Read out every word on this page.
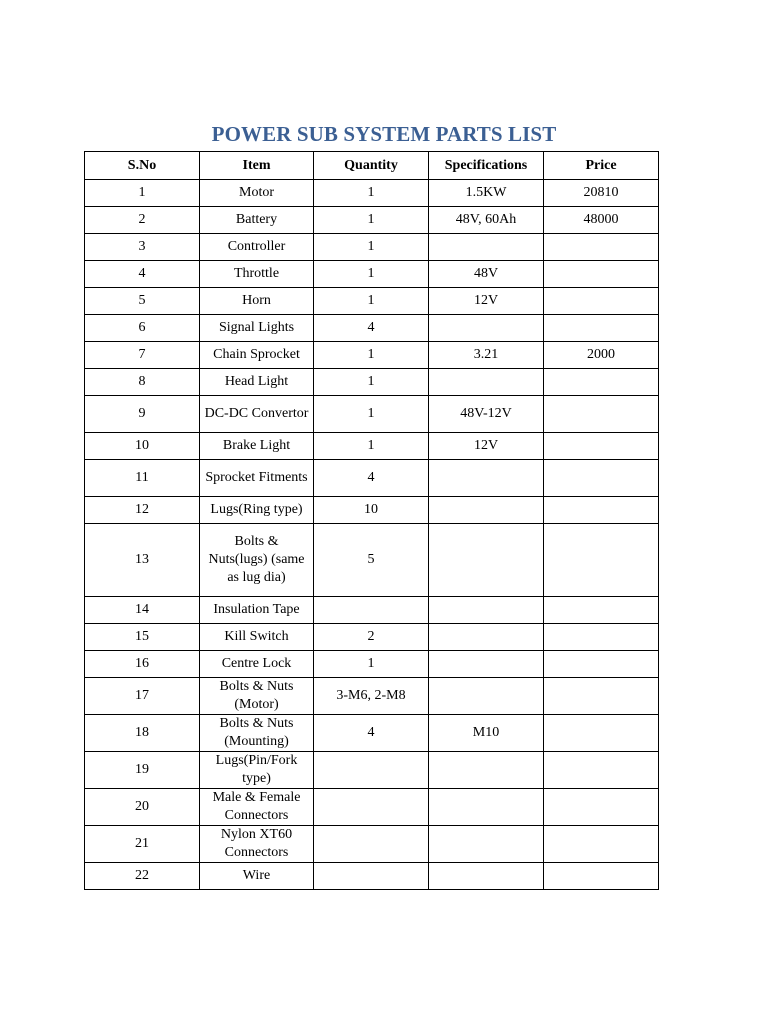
POWER SUB SYSTEM PARTS LIST
S.No	Item	Quantity	Specifications	Price
1	Motor	1	1.5KW	20810
2	Battery	1	48V, 60Ah	48000
3	Controller	1		
4	Throttle	1	48V	
5	Horn	1	12V	
6	Signal Lights	4		
7	Chain Sprocket	1	3.21	2000
8	Head Light	1		
9	DC-DC Convertor	1	48V-12V	
10	Brake Light	1	12V	
11	Sprocket Fitments	4		
12	Lugs(Ring type)	10		
13	Bolts & Nuts(lugs) (same as lug dia)	5		
14	Insulation Tape			
15	Kill Switch	2		
16	Centre Lock	1		
17	Bolts & Nuts (Motor)	3-M6, 2-M8		
18	Bolts & Nuts (Mounting)	4	M10	
19	Lugs(Pin/Fork type)			
20	Male & Female Connectors			
21	Nylon XT60 Connectors			
22	Wire			
